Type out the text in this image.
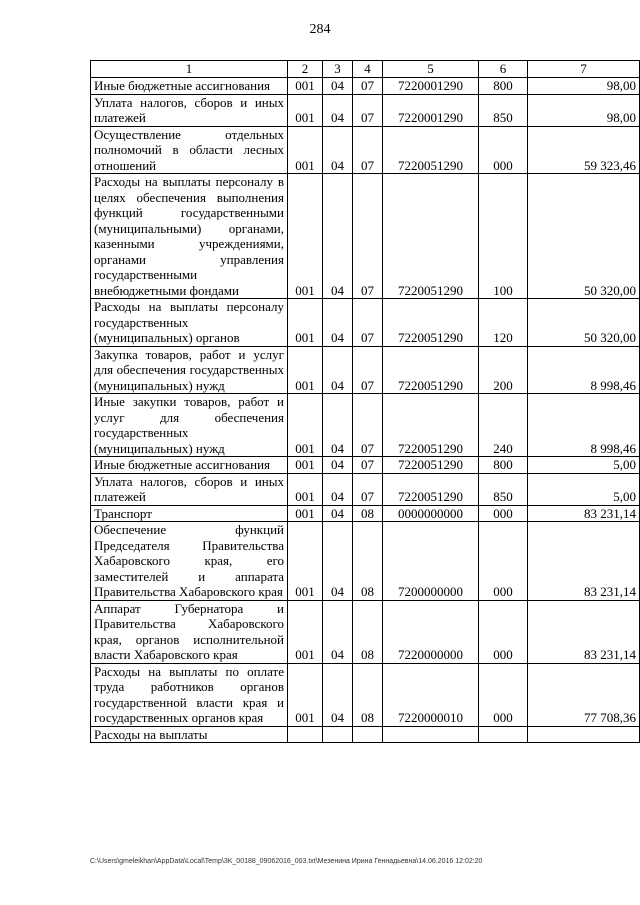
284
1	2	3	4	5	6	7
Иные бюджетные ассигнования	001	04	07	7220001290	800	98,00
Уплата налогов, сборов и иных платежей	001	04	07	7220001290	850	98,00
Осуществление отдельных полномочий в области лесных отношений	001	04	07	7220051290	000	59 323,46
Расходы на выплаты персоналу в целях обеспечения выполнения функций государственными (муниципальными) органами, казенными учреждениями, органами управления государственными внебюджетными фондами	001	04	07	7220051290	100	50 320,00
Расходы на выплаты персоналу государственных (муниципальных) органов	001	04	07	7220051290	120	50 320,00
Закупка товаров, работ и услуг для обеспечения государственных (муниципальных) нужд	001	04	07	7220051290	200	8 998,46
Иные закупки товаров, работ и услуг для обеспечения государственных (муниципальных) нужд	001	04	07	7220051290	240	8 998,46
Иные бюджетные ассигнования	001	04	07	7220051290	800	5,00
Уплата налогов, сборов и иных платежей	001	04	07	7220051290	850	5,00
Транспорт	001	04	08	0000000000	000	83 231,14
Обеспечение функций Председателя Правительства Хабаровского края, его заместителей и аппарата Правительства Хабаровского края	001	04	08	7200000000	000	83 231,14
Аппарат Губернатора и Правительства Хабаровского края, органов исполнительной власти Хабаровского края	001	04	08	7220000000	000	83 231,14
Расходы на выплаты по оплате труда работников органов государственной власти края и государственных органов края	001	04	08	7220000010	000	77 708,36
Расходы на выплаты						
C:\Users\gmeleikhan\AppData\Local\Temp\3K_00188_09062016_003.txt\Мезенина Ирина Геннадьевна\14.06.2016 12:02:20
